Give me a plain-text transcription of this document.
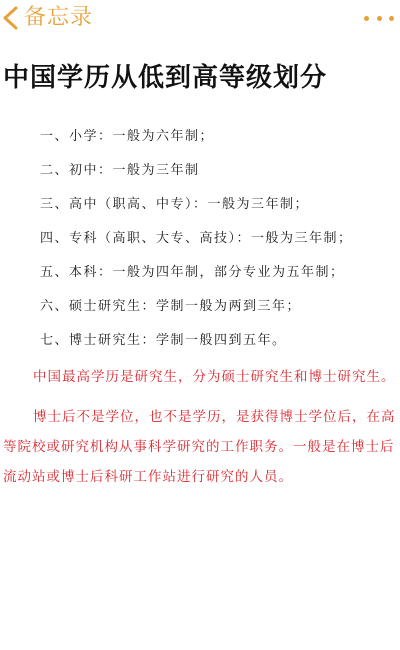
备忘录
中国学历从低到高等级划分
一、小学：一般为六年制；
二、初中：一般为三年制
三、高中（职高、中专）：一般为三年制；
四、专科（高职、大专、高技）：一般为三年制；
五、本科：一般为四年制，部分专业为五年制；
六、硕士研究生：学制一般为两到三年；
七、博士研究生：学制一般四到五年。

中国最高学历是研究生，分为硕士研究生和博士研究生。

博士后不是学位，也不是学历，是获得博士学位后，在高等院校或研究机构从事科学研究的工作职务。一般是在博士后流动站或博士后科研工作站进行研究的人员。
